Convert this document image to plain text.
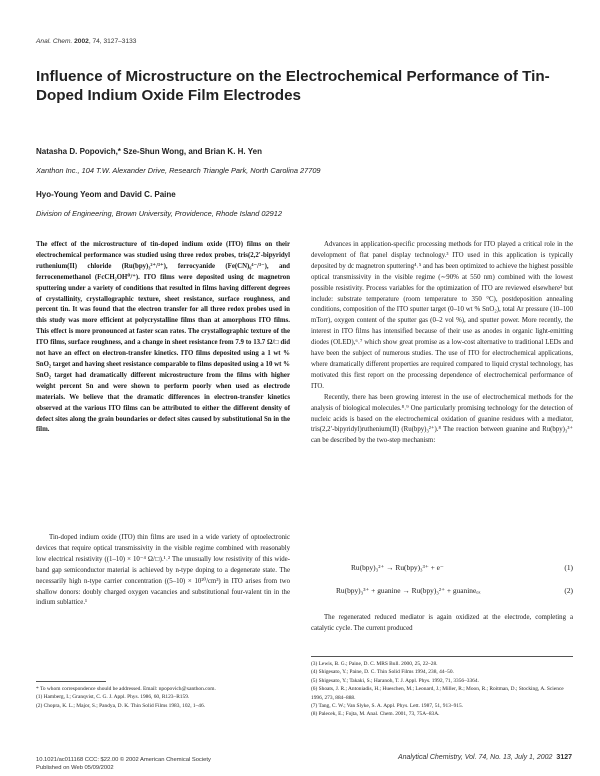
Anal. Chem. 2002, 74, 3127–3133
Influence of Microstructure on the Electrochemical Performance of Tin-Doped Indium Oxide Film Electrodes
Natasha D. Popovich,* Sze-Shun Wong, and Brian K. H. Yen
Xanthon Inc., 104 T.W. Alexander Drive, Research Triangle Park, North Carolina 27709
Hyo-Young Yeom and David C. Paine
Division of Engineering, Brown University, Providence, Rhode Island 02912
The effect of the microstructure of tin-doped indium oxide (ITO) films on their electrochemical performance was studied using three redox probes, tris(2,2′-bipyridyl ruthenium(II) chloride (Ru(bpy)₃²⁺/³⁺), ferrocyanide (Fe(CN)₆⁴⁻/³⁻), and ferrocenemethanol (FcCH₂OH⁰/⁺). ITO films were deposited using dc magnetron sputtering under a variety of conditions that resulted in films having different degrees of crystallinity, crystallographic texture, sheet resistance, surface roughness, and percent tin. It was found that the electron transfer for all three redox probes used in this study was more efficient at polycrystalline films than at amorphous ITO films. This effect is more pronounced at faster scan rates. The crystallographic texture of the ITO films, surface roughness, and a change in sheet resistance from 7.9 to 13.7 Ω/□ did not have an effect on electron-transfer kinetics. ITO films deposited using a 1 wt % SnO₂ target and having sheet resistance comparable to films deposited using a 10 wt % SnO₂ target had dramatically different microstructure from the films with higher weight percent Sn and were shown to perform poorly when used as electrode materials. We believe that the dramatic differences in electron-transfer kinetics observed at the various ITO films can be attributed to either the different density of defect sites along the grain boundaries or defect sites caused by substitutional Sn in the film.

Tin-doped indium oxide (ITO) thin films are used in a wide variety of optoelectronic devices that require optical transmissivity in the visible regime combined with reasonably low electrical resistivity ((1–10) × 10⁻⁴ Ω/□).¹˒² The unusually low resistivity of this wide-band gap semiconductor material is achieved by n-type doping to a degenerate state. The necessarily high n-type carrier concentration ((5–10) × 10²⁰/cm³) in ITO arises from two shallow donors: doubly charged oxygen vacancies and substitutional four-valent tin in the indium sublattice.¹

* To whom correspondence should be addressed. Email: npopovich@xanthon.com.
(1) Hamberg, I.; Granqvist, C. G. J. Appl. Phys. 1986, 60, R123–R159.
(2) Chopra, K. L.; Major, S.; Pandya, D. K. Thin Solid Films 1983, 102, 1–46.

Advances in application-specific processing methods for ITO played a critical role in the development of flat panel display technology.³ ITO used in this application is typically deposited by dc magnetron sputtering⁴˒⁵ and has been optimized to achieve the highest possible optical transmissivity in the visible regime (∼90% at 550 nm) combined with the lowest possible resistivity. Process variables for the optimization of ITO are reviewed elsewhere² but include: substrate temperature (room temperature to 350 °C), postdeposition annealing conditions, composition of the ITO sputter target (0–10 wt % SnO₂), total Ar pressure (10–100 mTorr), oxygen content of the sputter gas (0–2 vol %), and sputter power. More recently, the interest in ITO films has intensified because of their use as anodes in organic light-emitting diodes (OLED),⁶˒⁷ which show great promise as a low-cost alternative to traditional LEDs and have been the subject of numerous studies. The use of ITO for electrochemical applications, where dramatically different properties are required compared to liquid crystal technology, has motivated this first report on the processing dependence of electrochemical performance of ITO.

Recently, there has been growing interest in the use of electrochemical methods for the analysis of biological molecules.⁸˒⁹ One particularly promising technology for the detection of nucleic acids is based on the electrochemical oxidation of guanine residues with a mediator, tris(2,2′-bipyridyl)ruthenium(II) (Ru(bpy)₃²⁺).⁸ The reaction between guanine and Ru(bpy)₃³⁺ can be described by the two-step mechanism:

Ru(bpy)₃²⁺ → Ru(bpy)₃³⁺ + e⁻	(1)
Ru(bpy)₃³⁺ + guanine → Ru(bpy)₃²⁺ + guanineₒₓ	(2)

The regenerated reduced mediator is again oxidized at the electrode, completing a catalytic cycle. The current produced

(3) Lewis, B. G.; Paine, D. C. MRS Bull. 2000, 25, 22–28.
(4) Shigesato, Y.; Paine, D. C. Thin Solid Films 1994, 238, 44–50.
(5) Shigesato, Y.; Takaki, S.; Haranoh, T. J. Appl. Phys. 1992, 71, 3356–3364.
(6) Shoats, J. R.; Antoniadis, H.; Hueschen, M.; Leonard, J.; Miller, R.; Moon, R.; Roitman, D.; Stocking, A. Science 1996, 273, 884–888.
(7) Tang, C. W.; Van Slyke, S. A. Appl. Phys. Lett. 1987, 51, 913–915.
(8) Palecek, E.; Fojta, M. Anal. Chem. 2001, 73, 75A–83A.
10.1021/ac011168 CCC: $22.00 © 2002 American Chemical Society
Published on Web 05/09/2002
Analytical Chemistry, Vol. 74, No. 13, July 1, 2002 3127
